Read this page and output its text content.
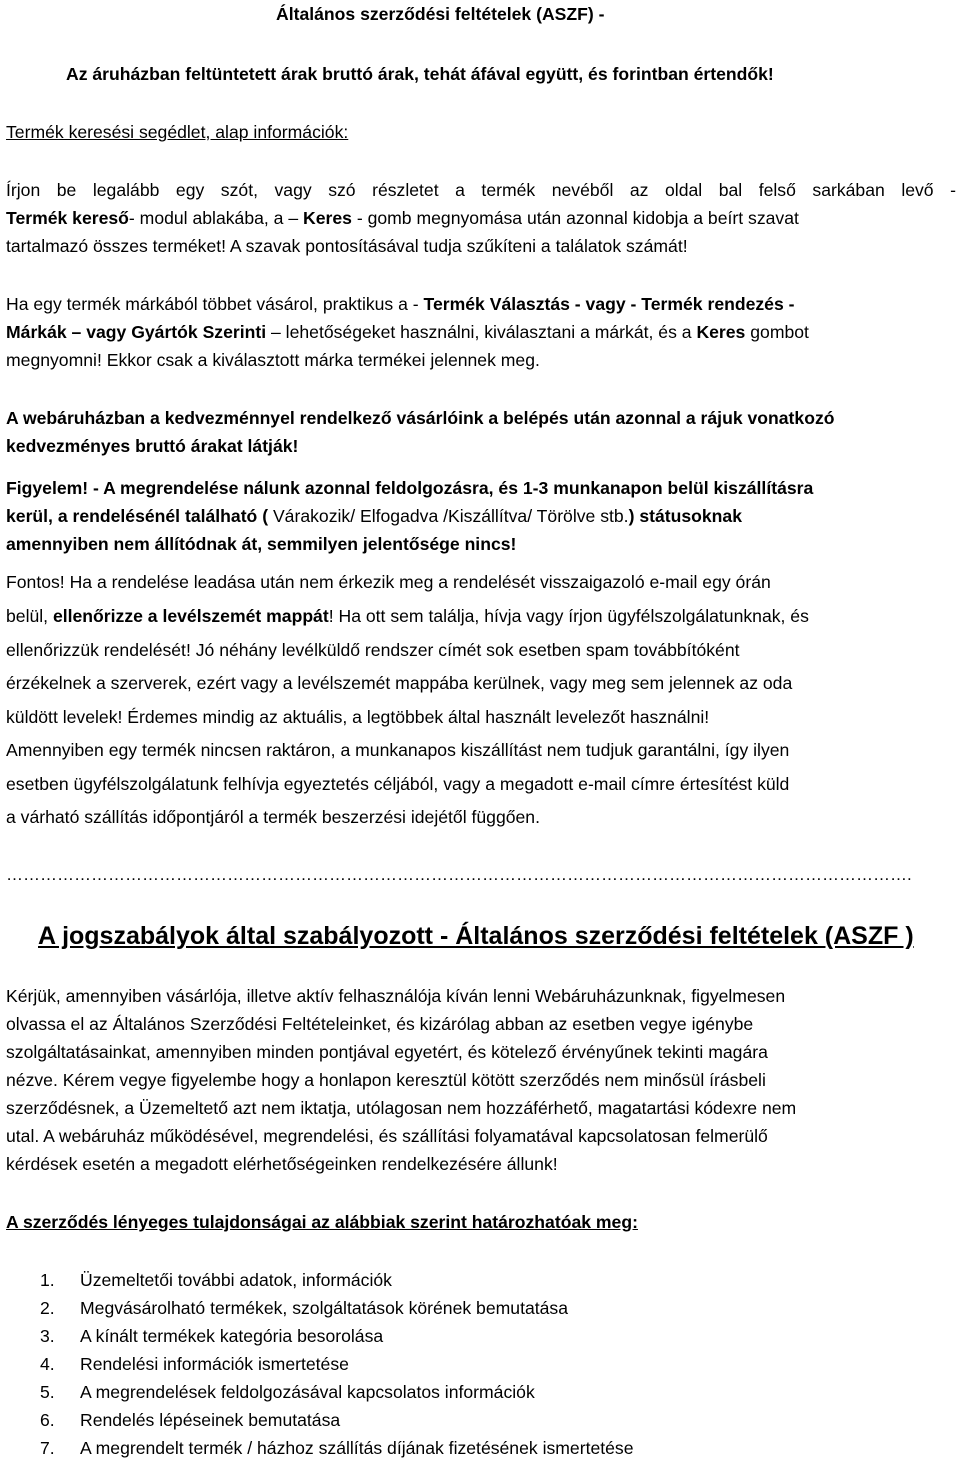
Általános szerződési feltételek (ASZF) -

Az áruházban feltüntetett árak bruttó árak, tehát áfával együtt, és forintban értendők!

Termék keresési segédlet, alap információk:

Írjon be legalább egy szót, vagy szó részletet a termék nevéből az oldal bal felső sarkában levő -

Termék kereső- modul ablakába, a – Keres - gomb megnyomása után azonnal kidobja a beírt szavat

tartalmazó összes terméket! A szavak pontosításával tudja szűkíteni a találatok számát!

Ha egy termék márkából többet vásárol, praktikus a - Termék Választás - vagy - Termék rendezés -

Márkák – vagy Gyártók Szerinti – lehetőségeket használni, kiválasztani a márkát, és a Keres gombot

megnyomni! Ekkor csak a kiválasztott márka termékei jelennek meg.

A webáruházban a kedvezménnyel rendelkező vásárlóink a belépés után azonnal a rájuk vonatkozó

kedvezményes bruttó árakat látják!

Figyelem! - A megrendelése nálunk azonnal feldolgozásra, és 1-3 munkanapon belül kiszállításra

kerül, a rendelésénél található ( Várakozik/ Elfogadva /Kiszállítva/ Törölve stb.) státusoknak

amennyiben nem állítódnak át, semmilyen jelentősége nincs!

Fontos! Ha a rendelése leadása után nem érkezik meg a rendelését visszaigazoló e-mail egy órán

belül, ellenőrizze a levélszemét mappát! Ha ott sem találja, hívja vagy írjon ügyfélszolgálatunknak, és

ellenőrizzük rendelését! Jó néhány levélküldő rendszer címét sok esetben spam továbbítóként

érzékelnek a szerverek, ezért vagy a levélszemét mappába kerülnek, vagy meg sem jelennek az oda

küldött levelek! Érdemes mindig az aktuális, a legtöbbek által használt levelezőt használni!

Amennyiben egy termék nincsen raktáron, a munkanapos kiszállítást nem tudjuk garantálni, így ilyen

esetben ügyfélszolgálatunk felhívja egyeztetés céljából, vagy a megadott e-mail címre értesítést küld

a várható szállítás időpontjáról a termék beszerzési idejétől függően.

…………………………………………………………………………………………………………………………………………….

A jogszabályok által szabályozott - Általános szerződési feltételek (ASZF )

Kérjük, amennyiben vásárlója, illetve aktív felhasználója kíván lenni Webáruházunknak, figyelmesen

olvassa el az Általános Szerződési Feltételeinket, és kizárólag abban az esetben vegye igénybe

szolgáltatásainkat, amennyiben minden pontjával egyetért, és kötelező érvényűnek tekinti magára

nézve. Kérem vegye figyelembe hogy a honlapon keresztül kötött szerződés nem minősül írásbeli

szerződésnek, a Üzemeltető azt nem iktatja, utólagosan nem hozzáférhető, magatartási kódexre nem

utal. A webáruház működésével, megrendelési, és szállítási folyamatával kapcsolatosan felmerülő

kérdések esetén a megadott elérhetőségeinken rendelkezésére állunk!

A szerződés lényeges tulajdonságai az alábbiak szerint határozhatóak meg:

1.	Üzemeltetői további adatok, információk
2.	Megvásárolható termékek, szolgáltatások körének bemutatása
3.	A kínált termékek kategória besorolása
4.	Rendelési információk ismertetése
5.	A megrendelések feldolgozásával kapcsolatos információk
6.	Rendelés lépéseinek bemutatása
7.	A megrendelt termék / házhoz szállítás díjának fizetésének ismertetése
